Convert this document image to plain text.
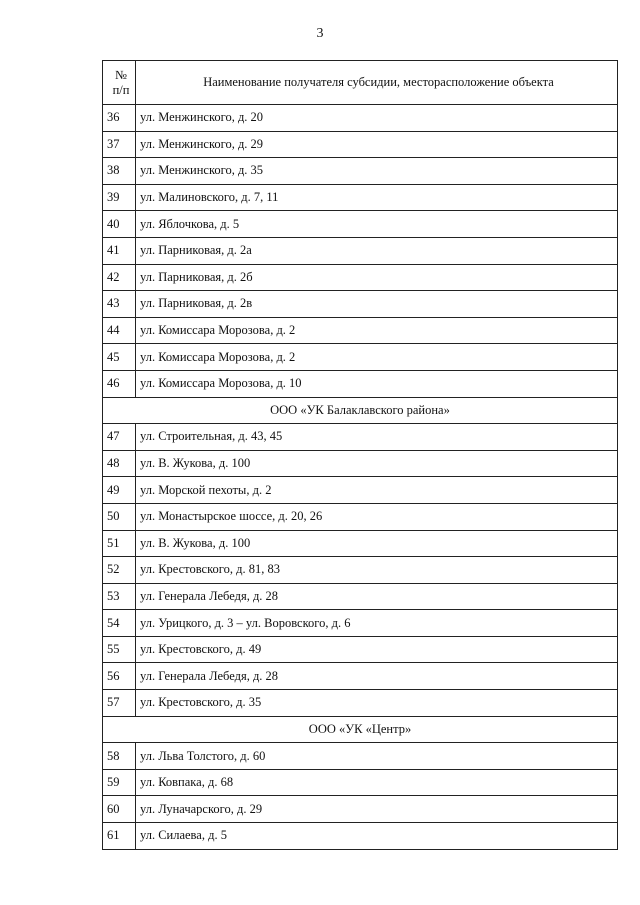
3
№
п/п	Наименование получателя субсидии, месторасположение объекта
36	ул. Менжинского, д. 20
37	ул. Менжинского, д. 29
38	ул. Менжинского, д. 35
39	ул. Малиновского, д. 7, 11
40	ул. Яблочкова, д. 5
41	ул. Парниковая, д. 2а
42	ул. Парниковая, д. 2б
43	ул. Парниковая, д. 2в
44	ул. Комиссара Морозова, д. 2
45	ул. Комиссара Морозова, д. 2
46	ул. Комиссара Морозова, д. 10
ООО «УК Балаклавского района»	
47	ул. Строительная, д. 43, 45
48	ул. В. Жукова, д. 100
49	ул. Морской пехоты, д. 2
50	ул. Монастырское шоссе, д. 20, 26
51	ул. В. Жукова, д. 100
52	ул. Крестовского, д. 81, 83
53	ул. Генерала Лебедя, д. 28
54	ул. Урицкого, д. 3 – ул. Воровского, д. 6
55	ул. Крестовского, д. 49
56	ул. Генерала Лебедя, д. 28
57	ул. Крестовского, д. 35
ООО «УК «Центр»	
58	ул. Льва Толстого, д. 60
59	ул. Ковпака, д. 68
60	ул. Луначарского, д. 29
61	ул. Силаева, д. 5
